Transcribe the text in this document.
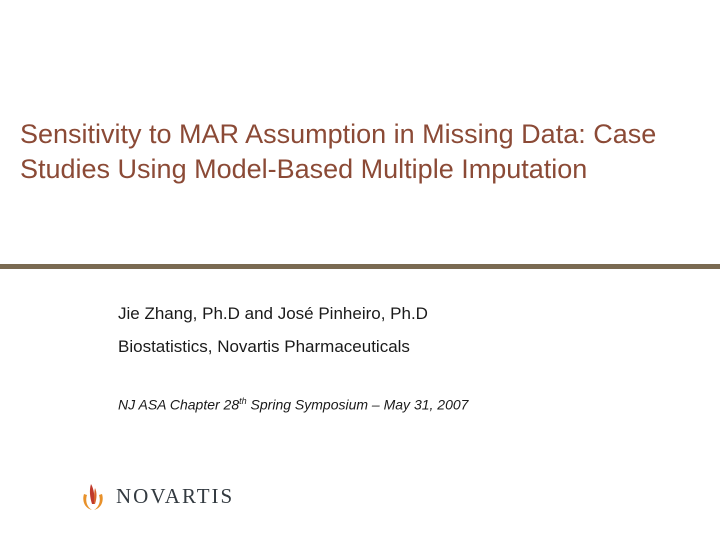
Sensitivity to MAR Assumption in Missing Data: Case Studies Using Model-Based Multiple Imputation
Jie Zhang, Ph.D and José Pinheiro, Ph.D
Biostatistics, Novartis Pharmaceuticals
NJ ASA Chapter 28th Spring Symposium – May 31, 2007
NOVARTIS
